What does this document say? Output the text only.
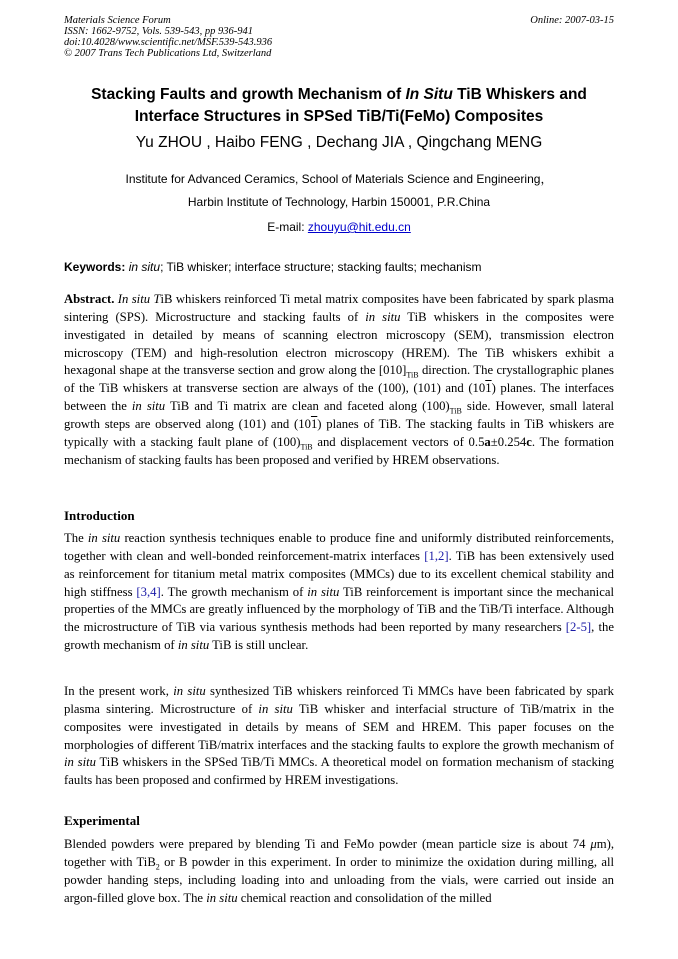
Materials Science Forum
ISSN: 1662-9752, Vols. 539-543, pp 936-941
doi:10.4028/www.scientific.net/MSF.539-543.936
© 2007 Trans Tech Publications Ltd, Switzerland
Online: 2007-03-15
Stacking Faults and growth Mechanism of In Situ TiB Whiskers and Interface Structures in SPSed TiB/Ti(FeMo) Composites
Yu ZHOU , Haibo FENG , Dechang JIA , Qingchang MENG
Institute for Advanced Ceramics, School of Materials Science and Engineering，
Harbin Institute of Technology, Harbin 150001, P.R.China
E-mail: zhouyu@hit.edu.cn
Keywords: in situ; TiB whisker; interface structure; stacking faults; mechanism
Abstract. In situ TiB whiskers reinforced Ti metal matrix composites have been fabricated by spark plasma sintering (SPS). Microstructure and stacking faults of in situ TiB whiskers in the composites were investigated in detailed by means of scanning electron microscopy (SEM), transmission electron microscopy (TEM) and high-resolution electron microscopy (HREM). The TiB whiskers exhibit a hexagonal shape at the transverse section and grow along the $[010]_{TiB}$ direction. The crystallographic planes of the TiB whiskers at transverse section are always of the (100), (101) and (101) planes. The interfaces between the in situ TiB and Ti matrix are clean and faceted along $(100)_{TiB}$ side. However, small lateral growth steps are observed along (101) and (101) planes of TiB. The stacking faults in TiB whiskers are typically with a stacking fault plane of $(100)_{TiB}$ and displacement vectors of 0.5a±0.254c. The formation mechanism of stacking faults has been proposed and verified by HREM observations.
Introduction
The in situ reaction synthesis techniques enable to produce fine and uniformly distributed reinforcements, together with clean and well-bonded reinforcement-matrix interfaces [1,2]. TiB has been extensively used as reinforcement for titanium metal matrix composites (MMCs) due to its excellent chemical stability and high stiffness [3,4]. The growth mechanism of in situ TiB reinforcement is important since the mechanical properties of the MMCs are greatly influenced by the morphology of TiB and the TiB/Ti interface. Although the microstructure of TiB via various synthesis methods had been reported by many researchers [2-5], the growth mechanism of in situ TiB is still unclear.
In the present work, in situ synthesized TiB whiskers reinforced Ti MMCs have been fabricated by spark plasma sintering. Microstructure of in situ TiB whisker and interfacial structure of TiB/matrix in the composites were investigated in details by means of SEM and HREM. This paper focuses on the morphologies of different TiB/matrix interfaces and the stacking faults to explore the growth mechanism of in situ TiB whiskers in the SPSed TiB/Ti MMCs. A theoretical model on formation mechanism of stacking faults has been proposed and confirmed by HREM investigations.
Experimental
Blended powders were prepared by blending Ti and FeMo powder (mean particle size is about 74 μm), together with TiB$_2$ or B powder in this experiment. In order to minimize the oxidation during milling, all powder handing steps, including loading into and unloading from the vials, were carried out inside an argon-filled glove box. The in situ chemical reaction and consolidation of the milled
